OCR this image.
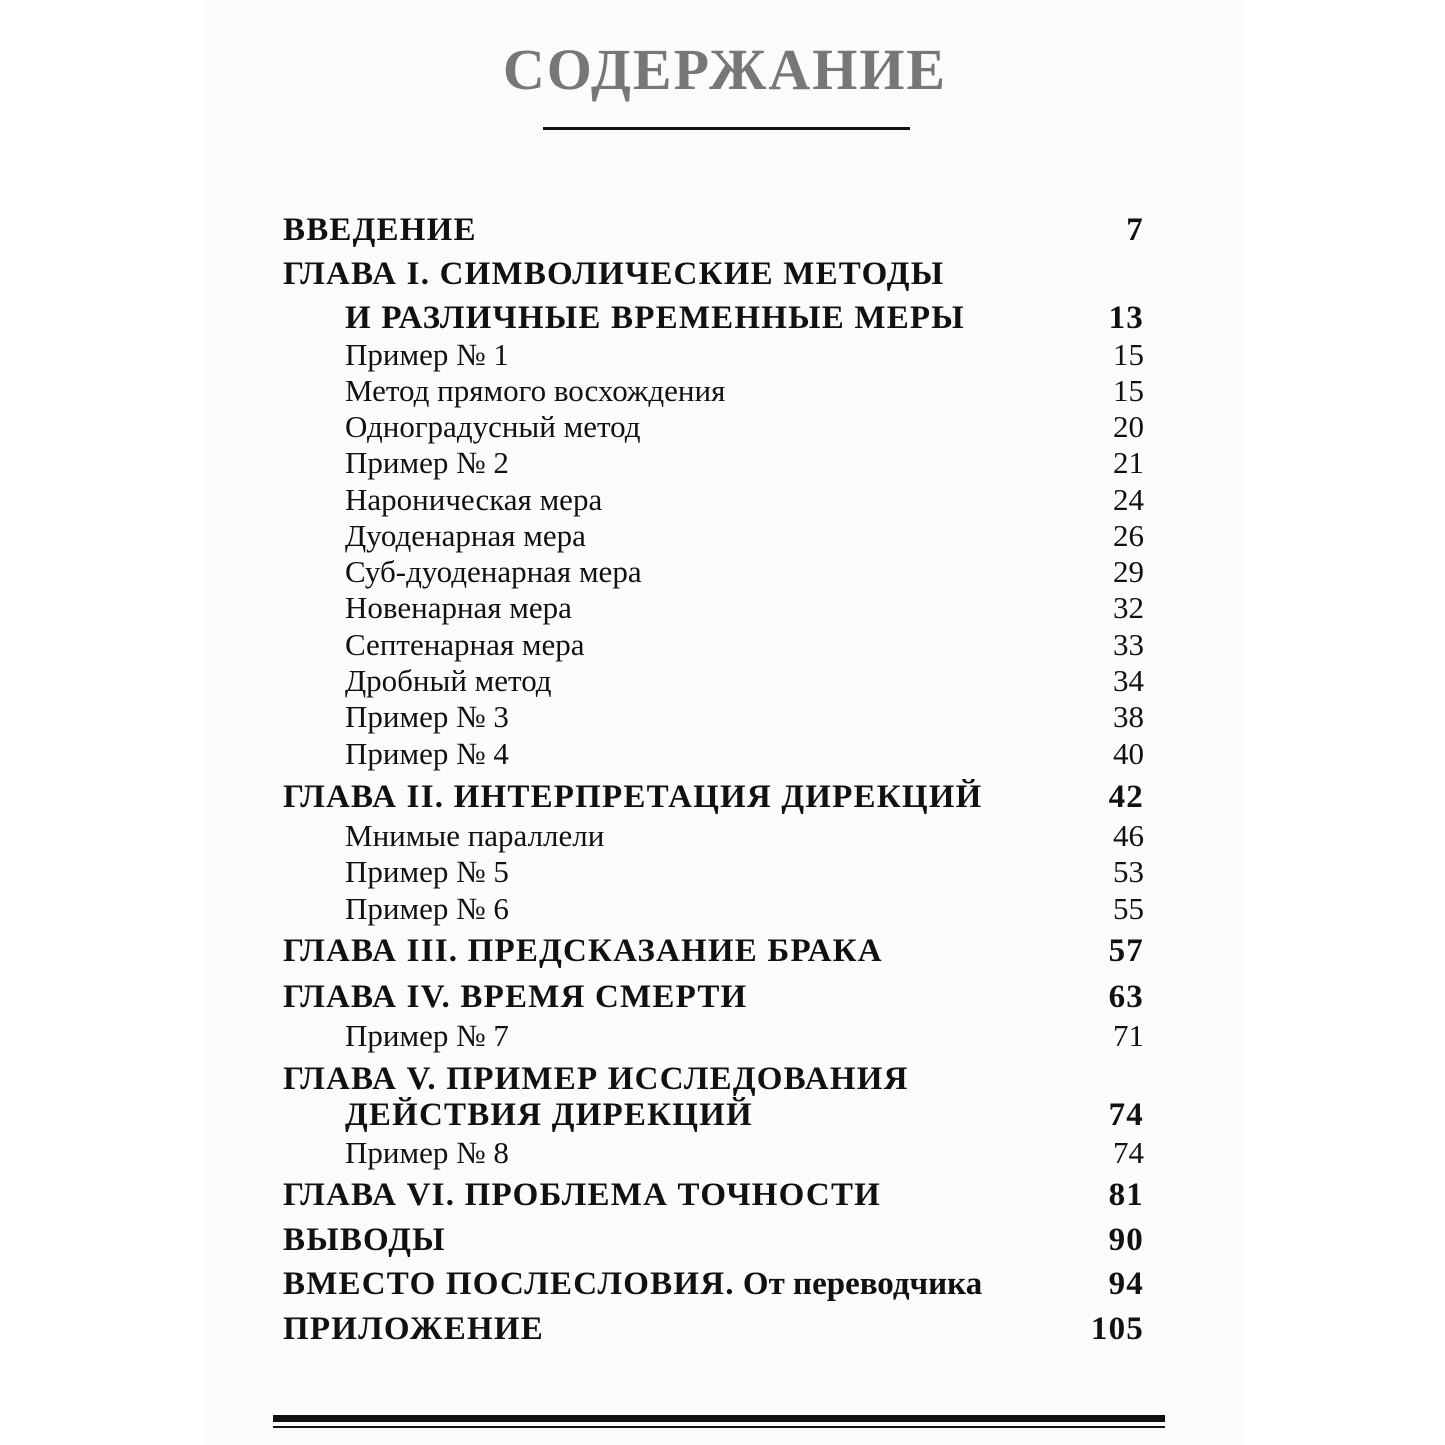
СОДЕРЖАНИЕ
ВВЕДЕНИЕ	7
ГЛАВА I. СИМВОЛИЧЕСКИЕ МЕТОДЫ
И РАЗЛИЧНЫЕ ВРЕМЕННЫЕ МЕРЫ	13
Пример № 1	15
Метод прямого восхождения	15
Одноградусный метод	20
Пример № 2	21
Нароническая мера	24
Дуоденарная мера	26
Суб-дуоденарная мера	29
Новенарная мера	32
Септенарная мера	33
Дробный метод	34
Пример № 3	38
Пример № 4	40
ГЛАВА II. ИНТЕРПРЕТАЦИЯ ДИРЕКЦИЙ	42
Мнимые параллели	46
Пример № 5	53
Пример № 6	55
ГЛАВА III. ПРЕДСКАЗАНИЕ БРАКА	57
ГЛАВА IV. ВРЕМЯ СМЕРТИ	63
Пример № 7	71
ГЛАВА V. ПРИМЕР ИССЛЕДОВАНИЯ
ДЕЙСТВИЯ ДИРЕКЦИЙ	74
Пример № 8	74
ГЛАВА VI. ПРОБЛЕМА ТОЧНОСТИ	81
ВЫВОДЫ	90
ВМЕСТО ПОСЛЕСЛОВИЯ. От переводчика	94
ПРИЛОЖЕНИЕ	105
